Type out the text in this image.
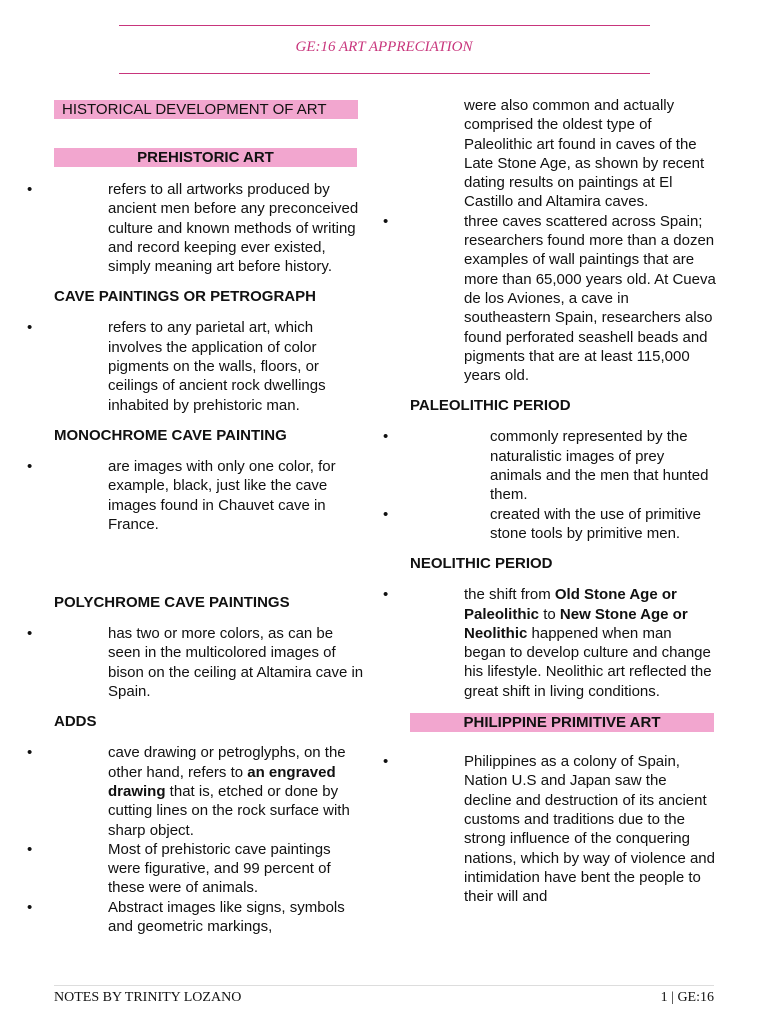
GE:16 ART APPRECIATION
HISTORICAL DEVELOPMENT OF ART
PREHISTORIC ART
• refers to all artworks produced by ancient men before any preconceived culture and known methods of writing and record keeping ever existed, simply meaning art before history.
CAVE PAINTINGS OR PETROGRAPH
• refers to any parietal art, which involves the application of color pigments on the walls, floors, or ceilings of ancient rock dwellings inhabited by prehistoric man.
MONOCHROME CAVE PAINTING
• are images with only one color, for example, black, just like the cave images found in Chauvet cave in France.
POLYCHROME CAVE PAINTINGS
• has two or more colors, as can be seen in the multicolored images of bison on the ceiling at Altamira cave in Spain.
ADDS
• cave drawing or petroglyphs, on the other hand, refers to an engraved drawing that is, etched or done by cutting lines on the rock surface with sharp object.
• Most of prehistoric cave paintings were figurative, and 99 percent of these were of animals.
• Abstract images like signs, symbols and geometric markings,
were also common and actually comprised the oldest type of Paleolithic art found in caves of the Late Stone Age, as shown by recent dating results on paintings at El Castillo and Altamira caves.
• three caves scattered across Spain; researchers found more than a dozen examples of wall paintings that are more than 65,000 years old. At Cueva de los Aviones, a cave in southeastern Spain, researchers also found perforated seashell beads and pigments that are at least 115,000 years old.
PALEOLITHIC PERIOD
• commonly represented by the naturalistic images of prey animals and the men that hunted them.
• created with the use of primitive stone tools by primitive men.
NEOLITHIC PERIOD
• the shift from Old Stone Age or Paleolithic to New Stone Age or Neolithic happened when man began to develop culture and change his lifestyle. Neolithic art reflected the great shift in living conditions.
PHILIPPINE PRIMITIVE ART
• Philippines as a colony of Spain, Nation U.S and Japan saw the decline and destruction of its ancient customs and traditions due to the strong influence of the conquering nations, which by way of violence and intimidation have bent the people to their will and
NOTES BY TRINITY LOZANO	1 | GE:16
